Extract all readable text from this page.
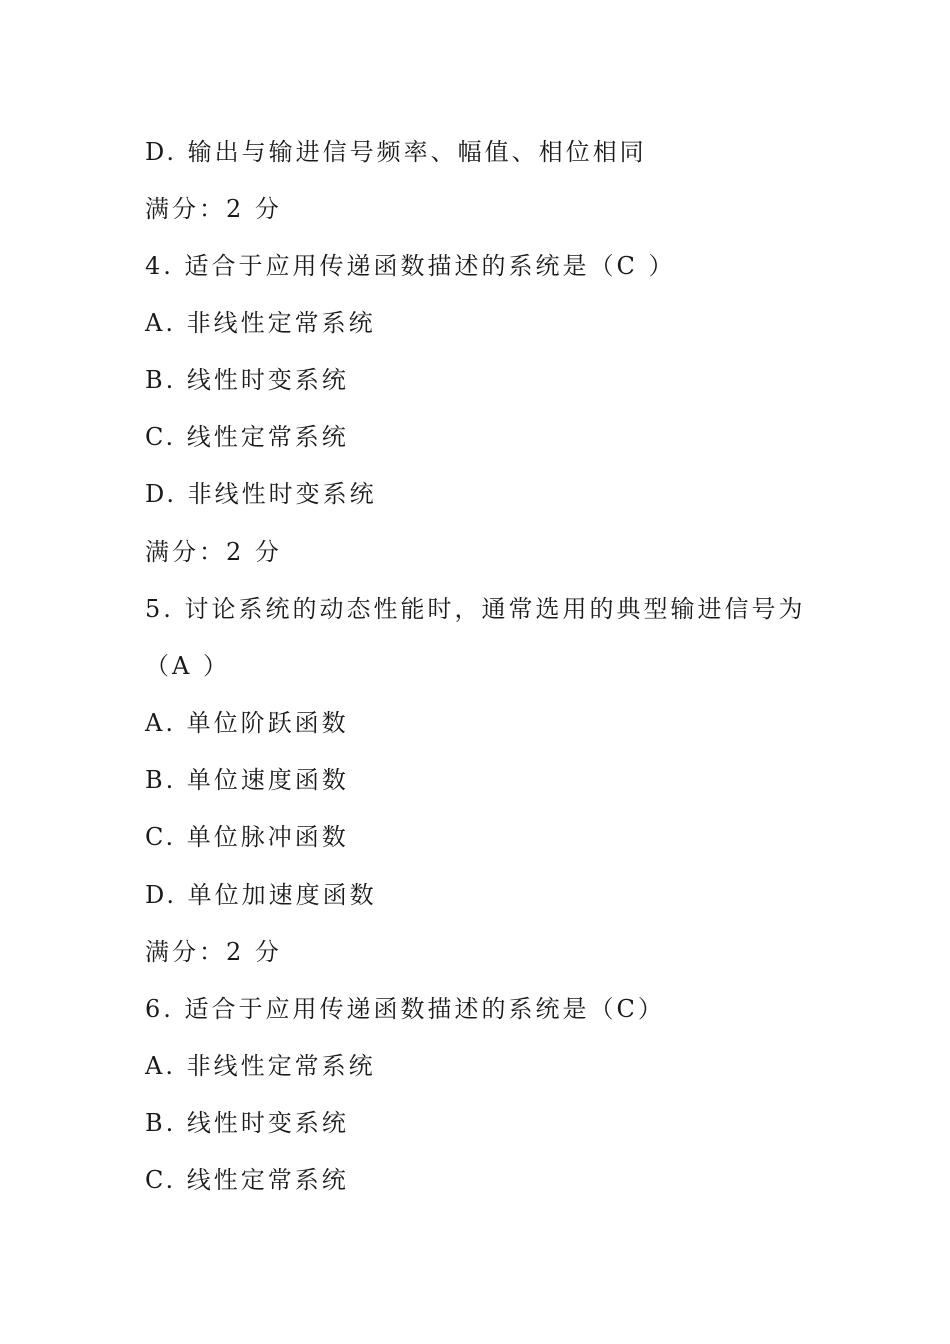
D. 输出与输进信号频率、幅值、相位相同
满分：2 分
4. 适合于应用传递函数描述的系统是（C ）
A. 非线性定常系统
B. 线性时变系统
C. 线性定常系统
D. 非线性时变系统
满分：2 分
5. 讨论系统的动态性能时，通常选用的典型输进信号为
（A ）
A. 单位阶跃函数
B. 单位速度函数
C. 单位脉冲函数
D. 单位加速度函数
满分：2 分
6. 适合于应用传递函数描述的系统是（C）
A. 非线性定常系统
B. 线性时变系统
C. 线性定常系统
